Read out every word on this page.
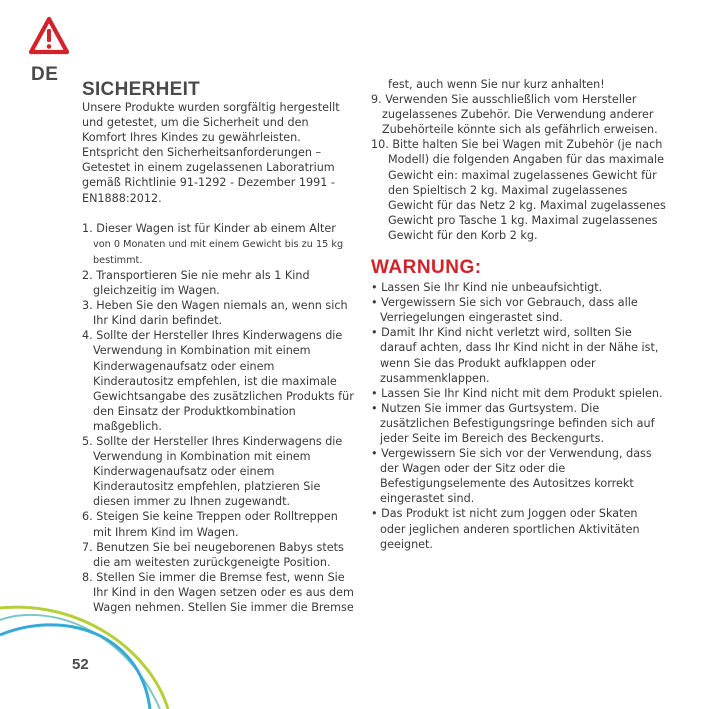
DE
SICHERHEIT
Unsere Produkte wurden sorgfältig hergestellt und getestet, um die Sicherheit und den Komfort Ihres Kindes zu gewährleisten. Entspricht den Sicherheitsanforderungen – Getestet in einem zugelassenen Laboratrium gemäß Richtlinie 91-1292 - Dezember 1991 - EN1888:2012.
1. Dieser Wagen ist für Kinder ab einem Alter
von 0 Monaten und mit einem Gewicht bis zu 15 kg bestimmt.
2. Transportieren Sie nie mehr als 1 Kind gleichzeitig im Wagen.
3. Heben Sie den Wagen niemals an, wenn sich Ihr Kind darin befindet.
4. Sollte der Hersteller Ihres Kinderwagens die Verwendung in Kombination mit einem Kinderwagenaufsatz oder einem Kinderautositz empfehlen, ist die maximale Gewichtsangabe des zusätzlichen Produkts für den Einsatz der Produktkombination maßgeblich.
5. Sollte der Hersteller Ihres Kinderwagens die Verwendung in Kombination mit einem Kinderwagenaufsatz oder einem Kinderautositz empfehlen, platzieren Sie diesen immer zu Ihnen zugewandt.
6. Steigen Sie keine Treppen oder Rolltreppen mit Ihrem Kind im Wagen.
7. Benutzen Sie bei neugeborenen Babys stets die am weitesten zurückgeneigte Position.
8. Stellen Sie immer die Bremse fest, wenn Sie Ihr Kind in den Wagen setzen oder es aus dem Wagen nehmen. Stellen Sie immer die Bremse
fest, auch wenn Sie nur kurz anhalten!
9. Verwenden Sie ausschließlich vom Hersteller zugelassenes Zubehör. Die Verwendung anderer Zubehörteile könnte sich als gefährlich erweisen.
10. Bitte halten Sie bei Wagen mit Zubehör (je nach Modell) die folgenden Angaben für das maximale Gewicht ein: maximal zugelassenes Gewicht für den Spieltisch 2 kg. Maximal zugelassenes Gewicht für das Netz 2 kg. Maximal zugelassenes Gewicht pro Tasche 1 kg. Maximal zugelassenes Gewicht für den Korb 2 kg.
WARNUNG:
• Lassen Sie Ihr Kind nie unbeaufsichtigt.
• Vergewissern Sie sich vor Gebrauch, dass alle Verriegelungen eingerastet sind.
• Damit Ihr Kind nicht verletzt wird, sollten Sie darauf achten, dass Ihr Kind nicht in der Nähe ist, wenn Sie das Produkt aufklappen oder zusammenklappen.
• Lassen Sie Ihr Kind nicht mit dem Produkt spielen.
• Nutzen Sie immer das Gurtsystem. Die zusätzlichen Befestigungsringe befinden sich auf jeder Seite im Bereich des Beckengurts.
• Vergewissern Sie sich vor der Verwendung, dass der Wagen oder der Sitz oder die Befestigungselemente des Autositzes korrekt eingerastet sind.
• Das Produkt ist nicht zum Joggen oder Skaten oder jeglichen anderen sportlichen Aktivitäten geeignet.
52
